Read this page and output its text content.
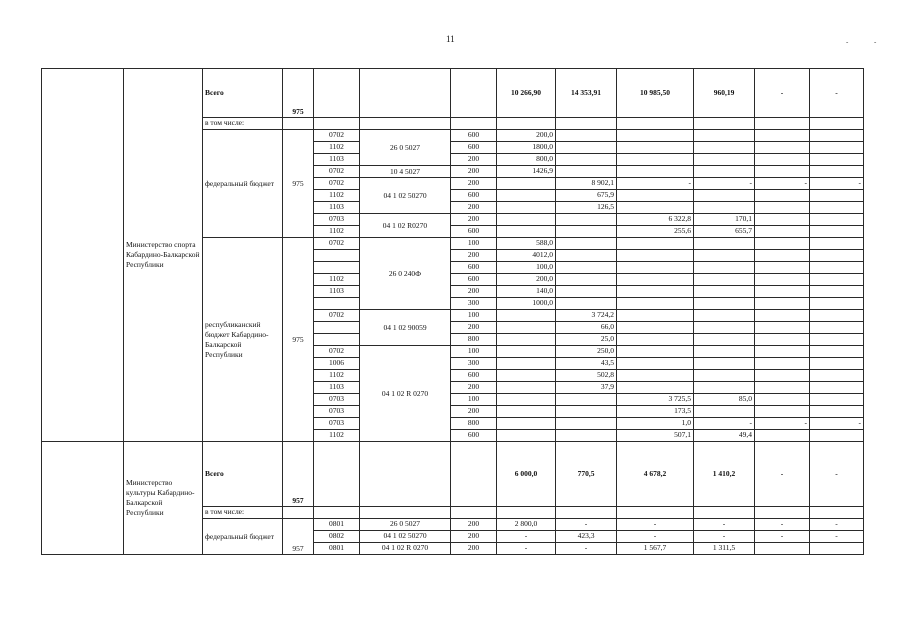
11	-	-
	Министерство спорта Кабардино-Балкарской Республики	Всего	975				10 266,90	14 353,91	10 985,50	960,19	-	-
		в том числе:										
		федеральный бюджет	975	0702	26 0 5027	600	200,0					
				1102		600	1800,0					
				1103		200	800,0					
				0702	10 4 5027	200	1426,9					
				0702	04 1 02 50270	200		8 902,1	-	-	-	-
				1102		600		675,9				
				1103		200		126,5				
				0703	04 1 02 R0270	200			6 322,8	170,1		
				1102		600			255,6	655,7		
		республиканский бюджет Кабардино-Балкарской Республики	975	0702	26 0 240Ф	100	588,0					
						200	4012,0					
						600	100,0					
				1102		600	200,0					
				1103		200	140,0					
						300	1000,0					
				0702	04 1 02 90059	100		3 724,2				
						200		66,0				
						800		25,0				
				0702	04 1 02 R 0270	100		250,0				
				1006		300		43,5				
				1102		600		502,8				
				1103		200		37,9				
				0703		100			3 725,5	85,0		
				0703		200			173,5			
				0703		800			1,0	-	-	-
				1102		600			507,1	49,4		
	Министерство культуры Кабардино-Балкарской Республики	Всего	957				6 000,0	770,5	4 678,2	1 410,2	-	-
		в том числе:										
		федеральный бюджет	957	0801	26 0 5027	200	2 800,0	-	-	-	-	-
				0802	04 1 02 50270	200	-	423,3	-	-	-	-
				0801	04 1 02 R 0270	200	-	-	1 567,7	1 311,5		
